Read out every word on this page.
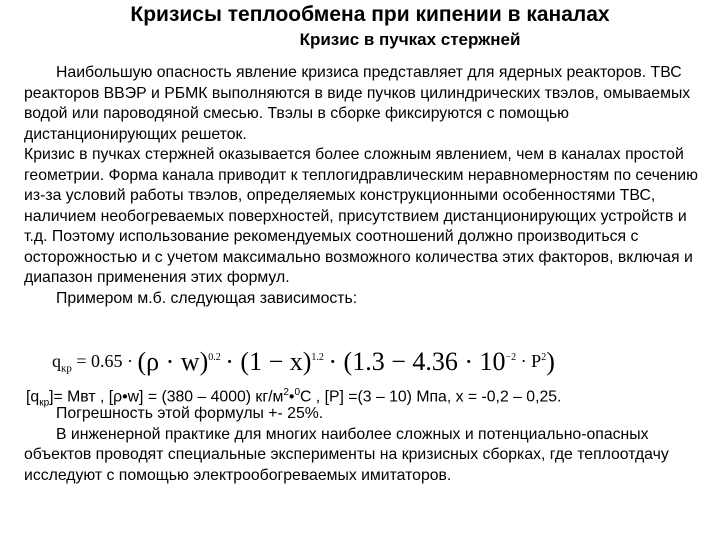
Кризисы теплообмена при кипении в каналах
Кризис в пучках стержней

Наибольшую опасность явление кризиса представляет для ядерных реакторов. ТВС реакторов ВВЭР и РБМК выполняются в виде пучков цилиндрических твэлов, омываемых водой или пароводяной смесью. Твэлы в сборке фиксируются с помощью дистанционирующих решеток.

Кризис в пучках стержней оказывается более сложным явлением, чем в каналах простой геометрии. Форма канала приводит к теплогидравлическим неравномерностям по сечению из-за условий работы твэлов, определяемых конструкционными особенностями ТВС, наличием необогреваемых поверхностей, присутствием дистанционирующих устройств и т.д. Поэтому использование рекомендуемых соотношений должно производиться с осторожностью и с учетом максимально возможного количества этих факторов, включая и диапазон применения этих формул.

Примером м.б. следующая зависимость:

$q_{кр} = 0.65 \cdot (\rho \cdot w)^{0.2} \cdot (1 - x)^{1.2} \cdot (1.3 - 4.36 \cdot 10^{-2} \cdot P^2)$
$[q_{кр}]=$ Мвт , [ρ•w] = (380 – 4000) $кг/м^2•^0С$ , [P] =(3 – 10) Мпа, x = -0,2 – 0,25.

Погрешность этой формулы +- 25%.

В инженерной практике для многих наиболее сложных и потенциально-опасных объектов проводят специальные эксперименты на кризисных сборках, где теплоотдачу исследуют с помощью электрообогреваемых имитаторов.
